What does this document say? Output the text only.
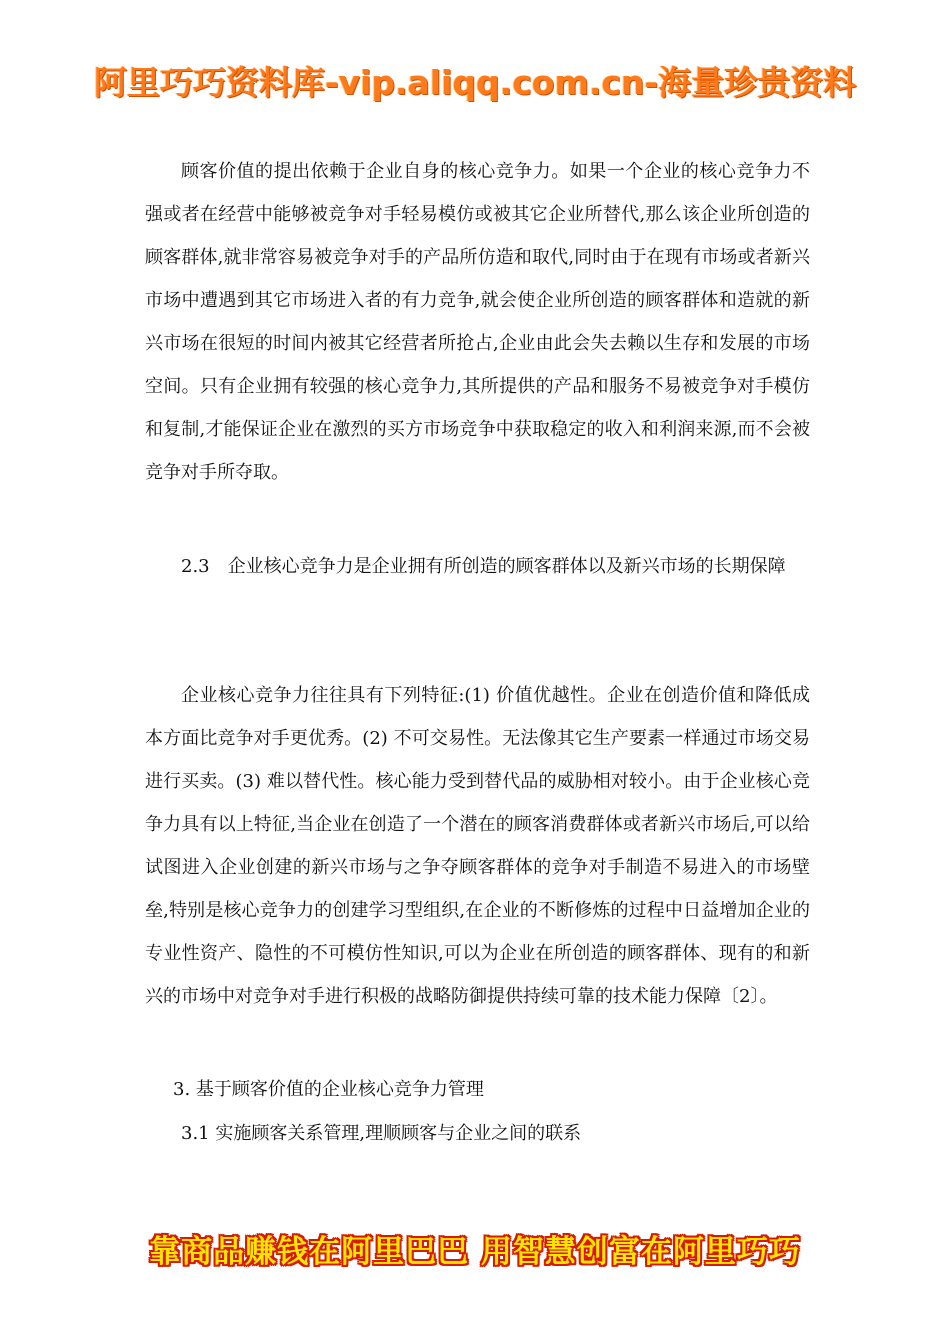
阿里巧巧资料库-vip.aliqq.com.cn-海量珍贵资料

顾客价值的提出依赖于企业自身的核心竞争力。如果一个企业的核心竞争力不强或者在经营中能够被竞争对手轻易模仿或被其它企业所替代,那么该企业所创造的顾客群体,就非常容易被竞争对手的产品所仿造和取代,同时由于在现有市场或者新兴市场中遭遇到其它市场进入者的有力竞争,就会使企业所创造的顾客群体和造就的新兴市场在很短的时间内被其它经营者所抢占,企业由此会失去赖以生存和发展的市场空间。只有企业拥有较强的核心竞争力,其所提供的产品和服务不易被竞争对手模仿和复制,才能保证企业在激烈的买方市场竞争中获取稳定的收入和利润来源,而不会被竞争对手所夺取。

2.3　企业核心竞争力是企业拥有所创造的顾客群体以及新兴市场的长期保障

企业核心竞争力往往具有下列特征:(1) 价值优越性。企业在创造价值和降低成本方面比竞争对手更优秀。(2) 不可交易性。无法像其它生产要素一样通过市场交易进行买卖。(3) 难以替代性。核心能力受到替代品的威胁相对较小。由于企业核心竞争力具有以上特征,当企业在创造了一个潜在的顾客消费群体或者新兴市场后,可以给试图进入企业创建的新兴市场与之争夺顾客群体的竞争对手制造不易进入的市场壁垒,特别是核心竞争力的创建学习型组织,在企业的不断修炼的过程中日益增加企业的专业性资产、隐性的不可模仿性知识,可以为企业在所创造的顾客群体、现有的和新兴的市场中对竞争对手进行积极的战略防御提供持续可靠的技术能力保障〔2〕。

3. 基于顾客价值的企业核心竞争力管理

3.1 实施顾客关系管理,理顺顾客与企业之间的联系

靠商品赚钱在阿里巴巴 用智慧创富在阿里巧巧
